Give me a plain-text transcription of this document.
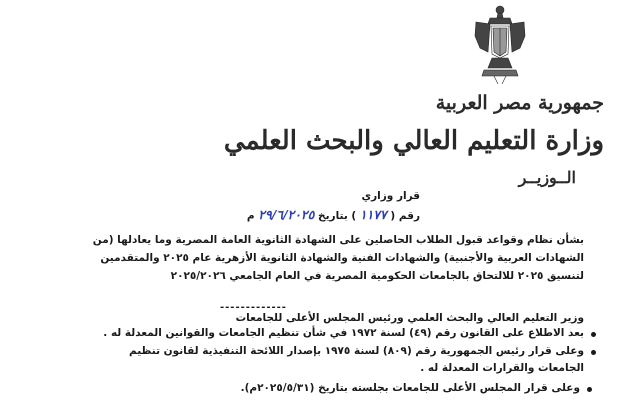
جمهورية مصر العربية
وزارة التعليم العالي والبحث العلمي
الــوزيــر
قرار وزاري
رقم ( ١١٧٧ ) بتاريخ ٢٩/٦/٢٠٢٥ م
بشأن نظام وقواعد قبول الطلاب الحاصلين على الشهادة الثانوية العامة المصرية وما يعادلها (من
الشهادات العربية والأجنبية) والشهادات الفنية والشهادة الثانوية الأزهرية عام ٢٠٢٥ والمتقدمين
لتنسيق ٢٠٢٥ للالتحاق بالجامعات الحكومية المصرية في العام الجامعي ٢٠٢٥/٢٠٢٦
-------------
وزير التعليم العالي والبحث العلمي ورئيس المجلس الأعلى للجامعات
بعد الاطلاع على القانون رقم (٤٩) لسنة ١٩٧٢ في شأن تنظيم الجامعات والقوانين المعدلة له .
وعلى قرار رئيس الجمهورية رقم (٨٠٩) لسنة ١٩٧٥ بإصدار اللائحة التنفيذية لقانون تنظيم
الجامعات والقرارات المعدلة له .
وعلى قرار المجلس الأعلى للجامعات بجلسته بتاريخ (٢٠٢٥/٥/٣١م).
